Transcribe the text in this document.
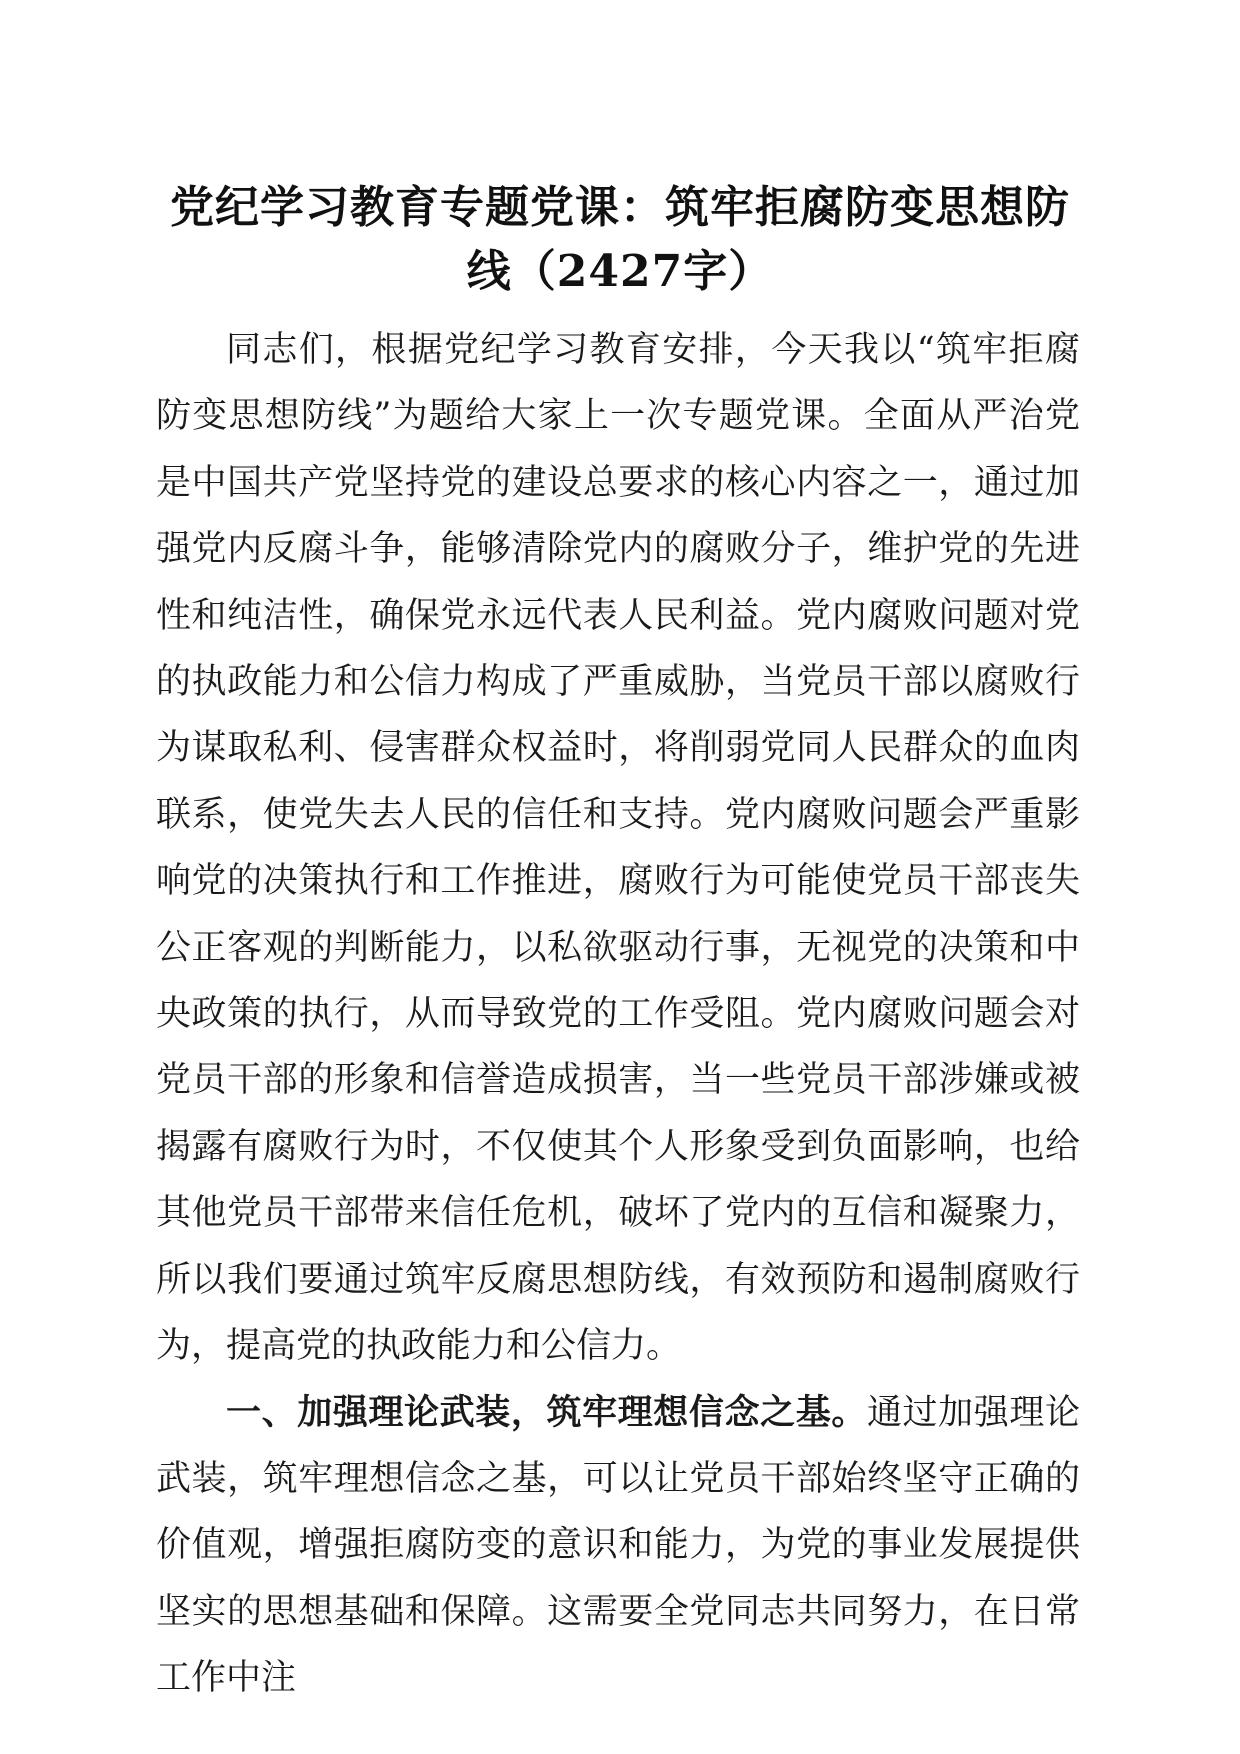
党纪学习教育专题党课：筑牢拒腐防变思想防线（2427字）

同志们，根据党纪学习教育安排，今天我以“筑牢拒腐防变思想防线”为题给大家上一次专题党课。全面从严治党是中国共产党坚持党的建设总要求的核心内容之一，通过加强党内反腐斗争，能够清除党内的腐败分子，维护党的先进性和纯洁性，确保党永远代表人民利益。党内腐败问题对党的执政能力和公信力构成了严重威胁，当党员干部以腐败行为谋取私利、侵害群众权益时，将削弱党同人民群众的血肉联系，使党失去人民的信任和支持。党内腐败问题会严重影响党的决策执行和工作推进，腐败行为可能使党员干部丧失公正客观的判断能力，以私欲驱动行事，无视党的决策和中央政策的执行，从而导致党的工作受阻。党内腐败问题会对党员干部的形象和信誉造成损害，当一些党员干部涉嫌或被揭露有腐败行为时，不仅使其个人形象受到负面影响，也给其他党员干部带来信任危机，破坏了党内的互信和凝聚力，所以我们要通过筑牢反腐思想防线，有效预防和遏制腐败行为，提高党的执政能力和公信力。

一、加强理论武装，筑牢理想信念之基。通过加强理论武装，筑牢理想信念之基，可以让党员干部始终坚守正确的价值观，增强拒腐防变的意识和能力，为党的事业发展提供坚实的思想基础和保障。这需要全党同志共同努力，在日常工作中注
